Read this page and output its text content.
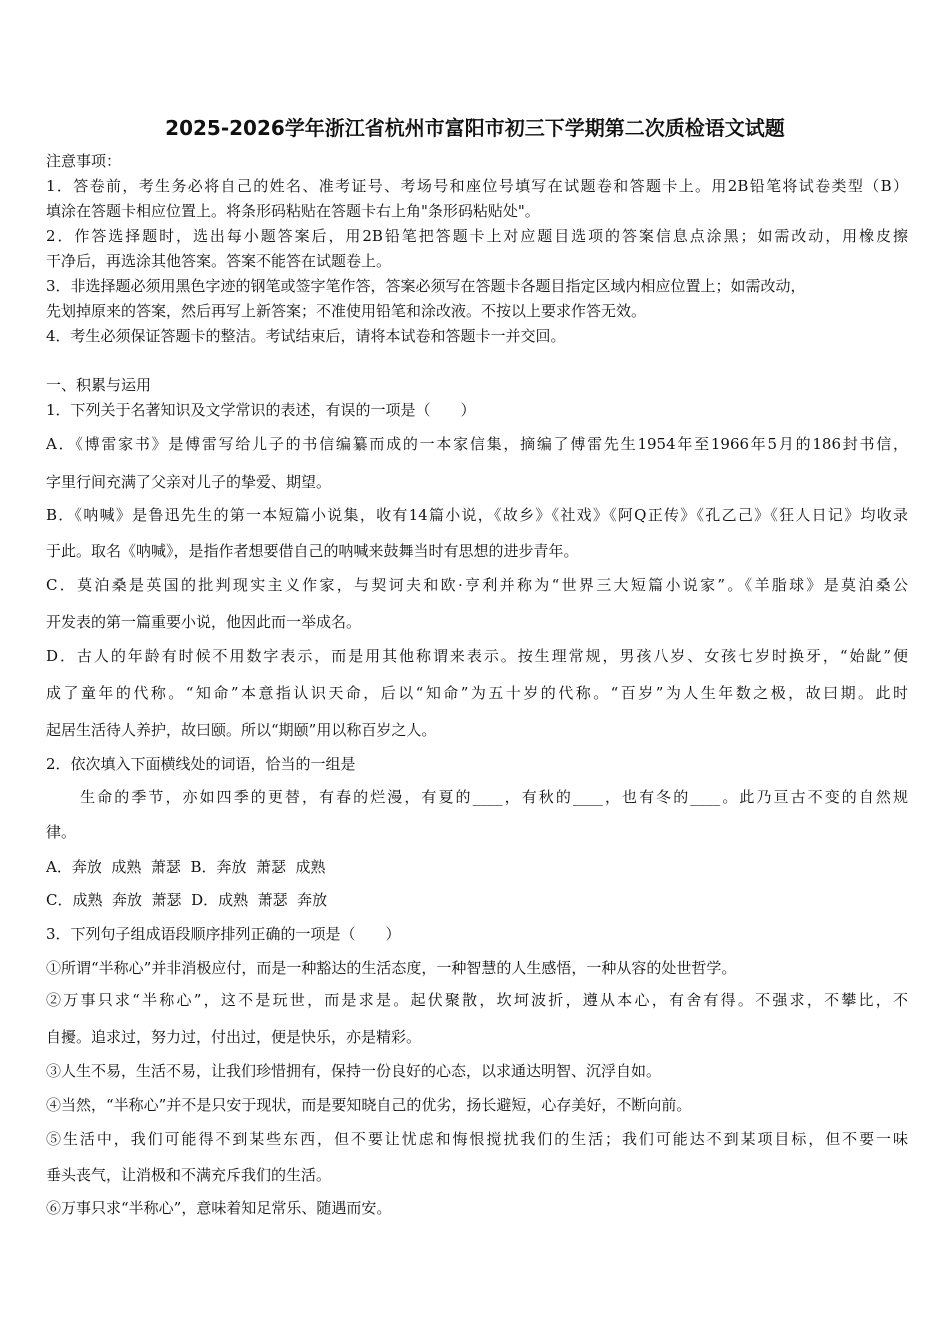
2025-2026学年浙江省杭州市富阳市初三下学期第二次质检语文试题
注意事项：
1．答卷前，考生务必将自己的姓名、准考证号、考场号和座位号填写在试题卷和答题卡上。用2B铅笔将试卷类型（B）
填涂在答题卡相应位置上。将条形码粘贴在答题卡右上角"条形码粘贴处"。
2．作答选择题时，选出每小题答案后，用2B铅笔把答题卡上对应题目选项的答案信息点涂黑；如需改动，用橡皮擦
干净后，再选涂其他答案。答案不能答在试题卷上。
3．非选择题必须用黑色字迹的钢笔或签字笔作答，答案必须写在答题卡各题目指定区域内相应位置上；如需改动，
先划掉原来的答案，然后再写上新答案；不准使用铅笔和涂改液。不按以上要求作答无效。
4．考生必须保证答题卡的整洁。考试结束后，请将本试卷和答题卡一并交回。
一、积累与运用
1．下列关于名著知识及文学常识的表述，有误的一项是（　　）
A．《博雷家书》是傅雷写给儿子的书信编纂而成的一本家信集，摘编了傅雷先生1954年至1966年5月的186封书信，
字里行间充满了父亲对儿子的挚爱、期望。
B．《呐喊》是鲁迅先生的第一本短篇小说集，收有14篇小说，《故乡》《社戏》《阿Q正传》《孔乙己》《狂人日记》均收录
于此。取名《呐喊》，是指作者想要借自己的呐喊来鼓舞当时有思想的进步青年。
C．莫泊桑是英国的批判现实主义作家，与契诃夫和欧·亨利并称为“世界三大短篇小说家”。《羊脂球》是莫泊桑公
开发表的第一篇重要小说，他因此而一举成名。
D．古人的年龄有时候不用数字表示，而是用其他称谓来表示。按生理常规，男孩八岁、女孩七岁时换牙，“始龀”便
成了童年的代称。“知命”本意指认识天命，后以“知命”为五十岁的代称。“百岁”为人生年数之极，故曰期。此时
起居生活待人养护，故曰颐。所以“期颐”用以称百岁之人。
2．依次填入下面横线处的词语，恰当的一组是
　　生命的季节，亦如四季的更替，有春的烂漫，有夏的____，有秋的____，也有冬的____。此乃亘古不变的自然规
律。
A．奔放  成熟  萧瑟  B．奔放  萧瑟  成熟
C．成熟  奔放  萧瑟  D．成熟  萧瑟  奔放
3．下列句子组成语段顺序排列正确的一项是（　　）
①所谓“半称心”并非消极应付，而是一种豁达的生活态度，一种智慧的人生感悟，一种从容的处世哲学。
②万事只求“半称心”，这不是玩世，而是求是。起伏聚散，坎坷波折，遵从本心，有舍有得。不强求，不攀比，不
自擾。追求过，努力过，付出过，便是快乐，亦是精彩。
③人生不易，生活不易，让我们珍惜拥有，保持一份良好的心态，以求通达明智、沉浮自如。
④当然，“半称心”并不是只安于现状，而是要知晓自己的优劣，扬长避短，心存美好，不断向前。
⑤生活中，我们可能得不到某些东西，但不要让忧虑和悔恨搅扰我们的生活；我们可能达不到某项目标，但不要一味
垂头丧气，让消极和不满充斥我们的生活。
⑥万事只求“半称心”，意味着知足常乐、随遇而安。
